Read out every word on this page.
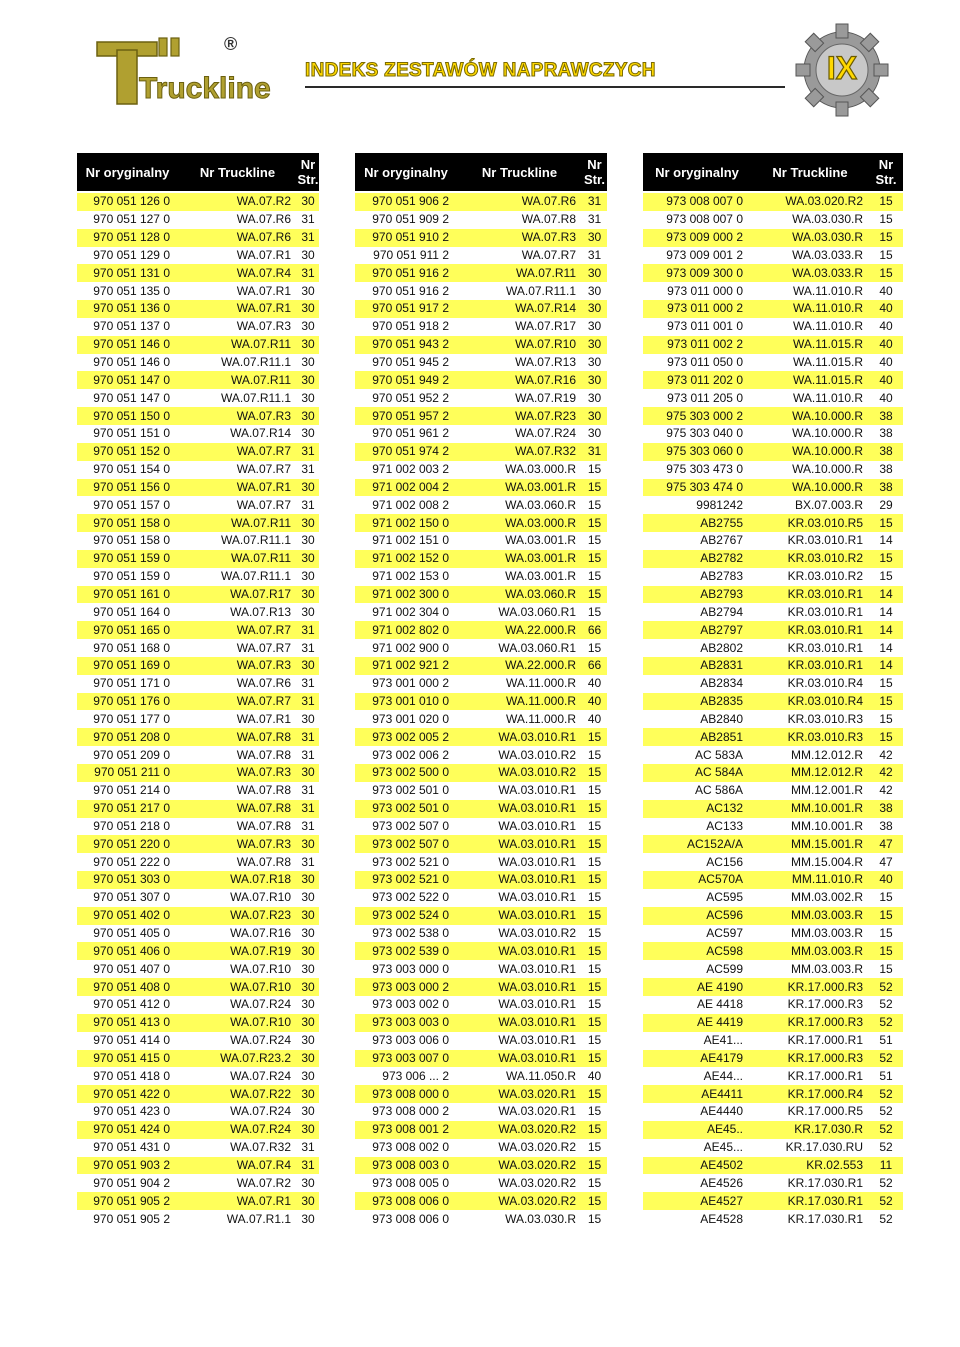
Truckline
®
INDEKS ZESTAWÓW NAPRAWCZYCH	IX
Nr oryginalny	Nr Truckline	Nr
Str.
970 051 126 0	WA.07.R2	30
970 051 127 0	WA.07.R6	31
970 051 128 0	WA.07.R6	31
970 051 129 0	WA.07.R1	30
970 051 131 0	WA.07.R4	31
970 051 135 0	WA.07.R1	30
970 051 136 0	WA.07.R1	30
970 051 137 0	WA.07.R3	30
970 051 146 0	WA.07.R11	30
970 051 146 0	WA.07.R11.1	30
970 051 147 0	WA.07.R11	30
970 051 147 0	WA.07.R11.1	30
970 051 150 0	WA.07.R3	30
970 051 151 0	WA.07.R14	30
970 051 152 0	WA.07.R7	31
970 051 154 0	WA.07.R7	31
970 051 156 0	WA.07.R1	30
970 051 157 0	WA.07.R7	31
970 051 158 0	WA.07.R11	30
970 051 158 0	WA.07.R11.1	30
970 051 159 0	WA.07.R11	30
970 051 159 0	WA.07.R11.1	30
970 051 161 0	WA.07.R17	30
970 051 164 0	WA.07.R13	30
970 051 165 0	WA.07.R7	31
970 051 168 0	WA.07.R7	31
970 051 169 0	WA.07.R3	30
970 051 171 0	WA.07.R6	31
970 051 176 0	WA.07.R7	31
970 051 177 0	WA.07.R1	30
970 051 208 0	WA.07.R8	31
970 051 209 0	WA.07.R8	31
970 051 211 0	WA.07.R3	30
970 051 214 0	WA.07.R8	31
970 051 217 0	WA.07.R8	31
970 051 218 0	WA.07.R8	31
970 051 220 0	WA.07.R3	30
970 051 222 0	WA.07.R8	31
970 051 303 0	WA.07.R18	30
970 051 307 0	WA.07.R10	30
970 051 402 0	WA.07.R23	30
970 051 405 0	WA.07.R16	30
970 051 406 0	WA.07.R19	30
970 051 407 0	WA.07.R10	30
970 051 408 0	WA.07.R10	30
970 051 412 0	WA.07.R24	30
970 051 413 0	WA.07.R10	30
970 051 414 0	WA.07.R24	30
970 051 415 0	WA.07.R23.2	30
970 051 418 0	WA.07.R24	30
970 051 422 0	WA.07.R22	30
970 051 423 0	WA.07.R24	30
970 051 424 0	WA.07.R24	30
970 051 431 0	WA.07.R32	31
970 051 903 2	WA.07.R4	31
970 051 904 2	WA.07.R2	30
970 051 905 2	WA.07.R1	30
970 051 905 2	WA.07.R1.1	30
Nr oryginalny	Nr Truckline	Nr
Str.
970 051 906 2	WA.07.R6	31
970 051 909 2	WA.07.R8	31
970 051 910 2	WA.07.R3	30
970 051 911 2	WA.07.R7	31
970 051 916 2	WA.07.R11	30
970 051 916 2	WA.07.R11.1	30
970 051 917 2	WA.07.R14	30
970 051 918 2	WA.07.R17	30
970 051 943 2	WA.07.R10	30
970 051 945 2	WA.07.R13	30
970 051 949 2	WA.07.R16	30
970 051 952 2	WA.07.R19	30
970 051 957 2	WA.07.R23	30
970 051 961 2	WA.07.R24	30
970 051 974 2	WA.07.R32	31
971 002 003 2	WA.03.000.R	15
971 002 004 2	WA.03.001.R	15
971 002 008 2	WA.03.060.R	15
971 002 150 0	WA.03.000.R	15
971 002 151 0	WA.03.001.R	15
971 002 152 0	WA.03.001.R	15
971 002 153 0	WA.03.001.R	15
971 002 300 0	WA.03.060.R	15
971 002 304 0	WA.03.060.R1	15
971 002 802 0	WA.22.000.R	66
971 002 900 0	WA.03.060.R1	15
971 002 921 2	WA.22.000.R	66
973 001 000 2	WA.11.000.R	40
973 001 010 0	WA.11.000.R	40
973 001 020 0	WA.11.000.R	40
973 002 005 2	WA.03.010.R1	15
973 002 006 2	WA.03.010.R2	15
973 002 500 0	WA.03.010.R2	15
973 002 501 0	WA.03.010.R1	15
973 002 501 0	WA.03.010.R1	15
973 002 507 0	WA.03.010.R1	15
973 002 507 0	WA.03.010.R1	15
973 002 521 0	WA.03.010.R1	15
973 002 521 0	WA.03.010.R1	15
973 002 522 0	WA.03.010.R1	15
973 002 524 0	WA.03.010.R1	15
973 002 538 0	WA.03.010.R2	15
973 002 539 0	WA.03.010.R1	15
973 003 000 0	WA.03.010.R1	15
973 003 000 2	WA.03.010.R1	15
973 003 002 0	WA.03.010.R1	15
973 003 003 0	WA.03.010.R1	15
973 003 006 0	WA.03.010.R1	15
973 003 007 0	WA.03.010.R1	15
973 006 ... 2	WA.11.050.R	40
973 008 000 0	WA.03.020.R1	15
973 008 000 2	WA.03.020.R1	15
973 008 001 2	WA.03.020.R2	15
973 008 002 0	WA.03.020.R2	15
973 008 003 0	WA.03.020.R2	15
973 008 005 0	WA.03.020.R2	15
973 008 006 0	WA.03.020.R2	15
973 008 006 0	WA.03.030.R	15
Nr oryginalny	Nr Truckline	Nr
Str.
973 008 007 0	WA.03.020.R2	15
973 008 007 0	WA.03.030.R	15
973 009 000 2	WA.03.030.R	15
973 009 001 2	WA.03.033.R	15
973 009 300 0	WA.03.033.R	15
973 011 000 0	WA.11.010.R	40
973 011 000 2	WA.11.010.R	40
973 011 001 0	WA.11.010.R	40
973 011 002 2	WA.11.015.R	40
973 011 050 0	WA.11.015.R	40
973 011 202 0	WA.11.015.R	40
973 011 205 0	WA.11.010.R	40
975 303 000 2	WA.10.000.R	38
975 303 040 0	WA.10.000.R	38
975 303 060 0	WA.10.000.R	38
975 303 473 0	WA.10.000.R	38
975 303 474 0	WA.10.000.R	38
9981242	BX.07.003.R	29
AB2755	KR.03.010.R5	15
AB2767	KR.03.010.R1	14
AB2782	KR.03.010.R2	15
AB2783	KR.03.010.R2	15
AB2793	KR.03.010.R1	14
AB2794	KR.03.010.R1	14
AB2797	KR.03.010.R1	14
AB2802	KR.03.010.R1	14
AB2831	KR.03.010.R1	14
AB2834	KR.03.010.R4	15
AB2835	KR.03.010.R4	15
AB2840	KR.03.010.R3	15
AB2851	KR.03.010.R3	15
AC 583A	MM.12.012.R	42
AC 584A	MM.12.012.R	42
AC 586A	MM.12.001.R	42
AC132	MM.10.001.R	38
AC133	MM.10.001.R	38
AC152A/A	MM.15.001.R	47
AC156	MM.15.004.R	47
AC570A	MM.11.010.R	40
AC595	MM.03.002.R	15
AC596	MM.03.003.R	15
AC597	MM.03.003.R	15
AC598	MM.03.003.R	15
AC599	MM.03.003.R	15
AE 4190	KR.17.000.R3	52
AE 4418	KR.17.000.R3	52
AE 4419	KR.17.000.R3	52
AE41...	KR.17.000.R1	51
AE4179	KR.17.000.R3	52
AE44...	KR.17.000.R1	51
AE4411	KR.17.000.R4	52
AE4440	KR.17.000.R5	52
AE45..	KR.17.030.R	52
AE45...	KR.17.030.RU	52
AE4502	KR.02.553	11
AE4526	KR.17.030.R1	52
AE4527	KR.17.030.R1	52
AE4528	KR.17.030.R1	52
